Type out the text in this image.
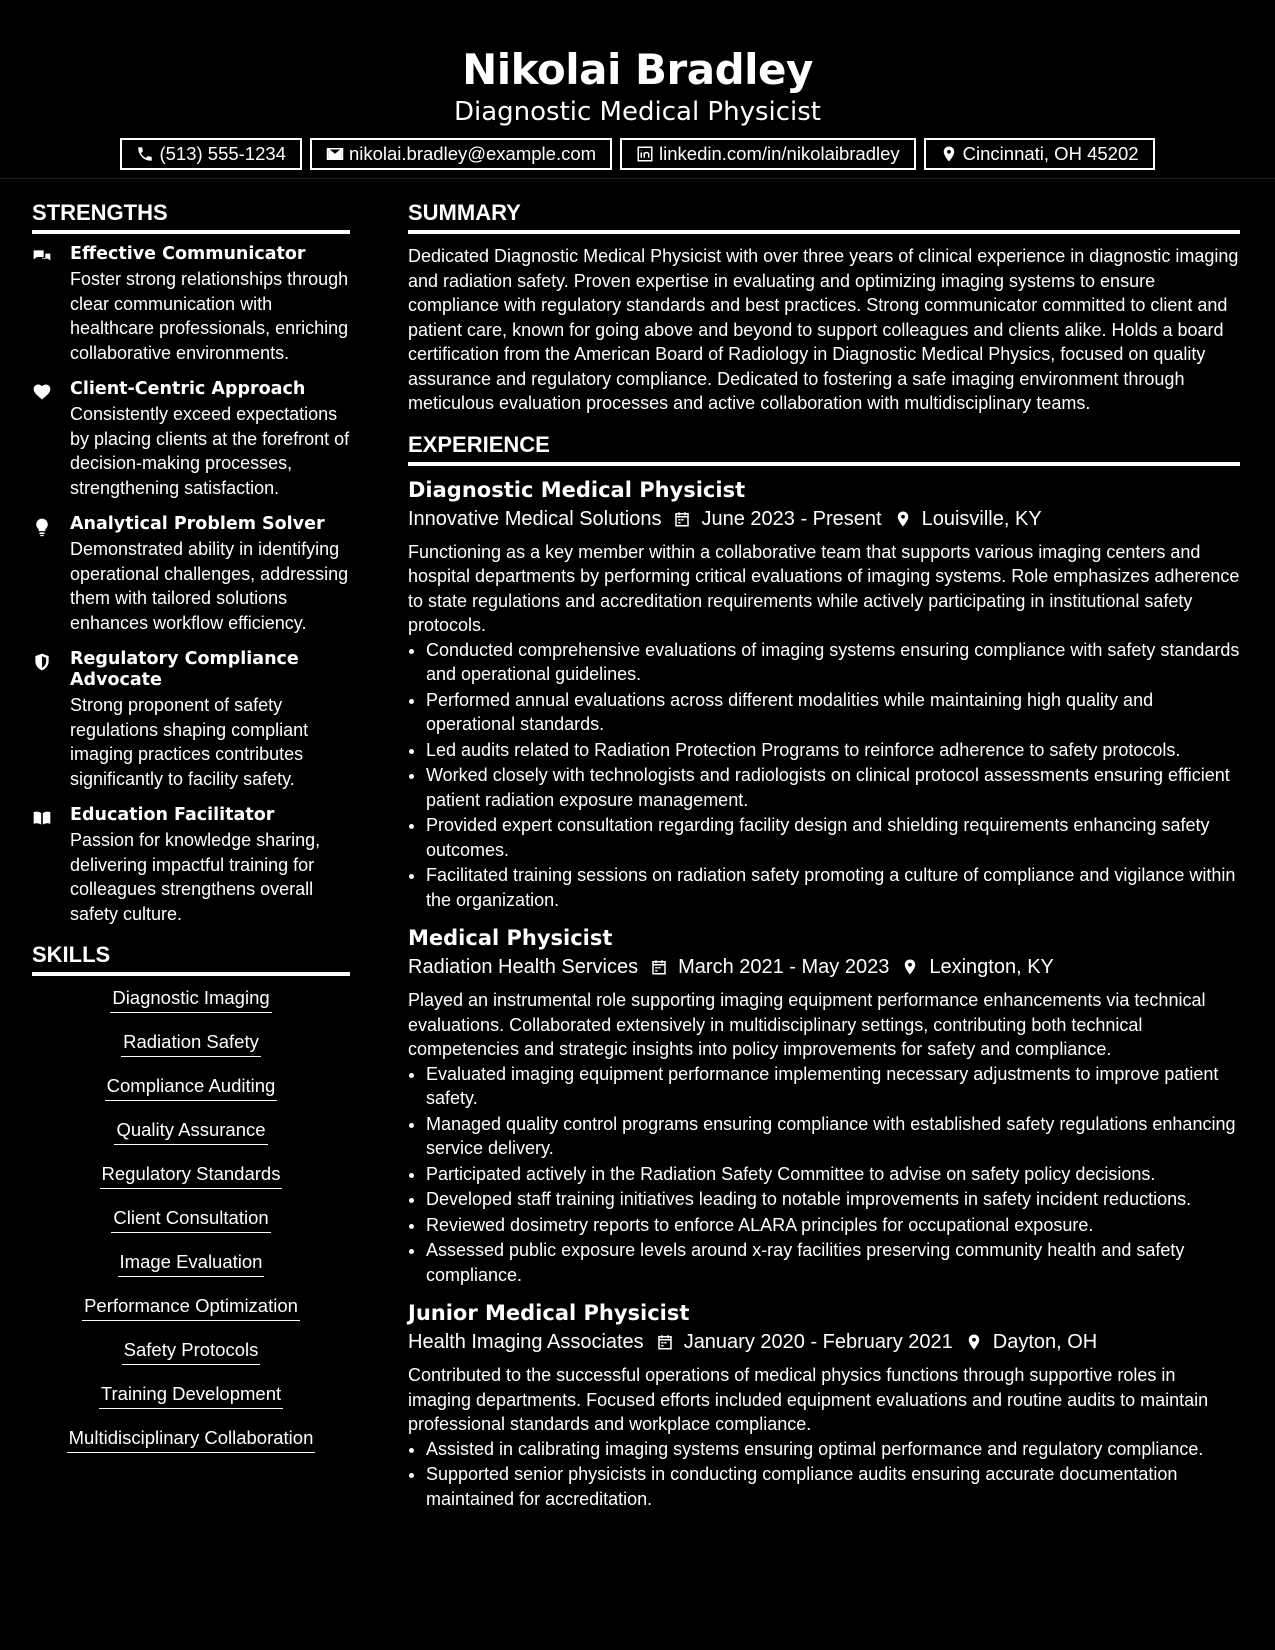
Nikolai Bradley
Diagnostic Medical Physicist
(513) 555-1234	nikolai.bradley@example.com	linkedin.com/in/nikolaibradley	Cincinnati, OH 45202
STRENGTHS
Effective Communicator
Foster strong relationships through clear communication with healthcare professionals, enriching collaborative environments.
Client-Centric Approach
Consistently exceed expectations by placing clients at the forefront of decision-making processes, strengthening satisfaction.
Analytical Problem Solver
Demonstrated ability in identifying operational challenges, addressing them with tailored solutions enhances workflow efficiency.
Regulatory Compliance Advocate
Strong proponent of safety regulations shaping compliant imaging practices contributes significantly to facility safety.
Education Facilitator
Passion for knowledge sharing, delivering impactful training for colleagues strengthens overall safety culture.
SKILLS
Diagnostic Imaging
Radiation Safety
Compliance Auditing
Quality Assurance
Regulatory Standards
Client Consultation
Image Evaluation
Performance Optimization
Safety Protocols
Training Development
Multidisciplinary Collaboration
SUMMARY
Dedicated Diagnostic Medical Physicist with over three years of clinical experience in diagnostic imaging and radiation safety. Proven expertise in evaluating and optimizing imaging systems to ensure compliance with regulatory standards and best practices. Strong communicator committed to client and patient care, known for going above and beyond to support colleagues and clients alike. Holds a board certification from the American Board of Radiology in Diagnostic Medical Physics, focused on quality assurance and regulatory compliance. Dedicated to fostering a safe imaging environment through meticulous evaluation processes and active collaboration with multidisciplinary teams.
EXPERIENCE
Diagnostic Medical Physicist
Innovative Medical Solutions June 2023 - Present Louisville, KY
Functioning as a key member within a collaborative team that supports various imaging centers and hospital departments by performing critical evaluations of imaging systems. Role emphasizes adherence to state regulations and accreditation requirements while actively participating in institutional safety protocols.
• Conducted comprehensive evaluations of imaging systems ensuring compliance with safety standards and operational guidelines.
• Performed annual evaluations across different modalities while maintaining high quality and operational standards.
• Led audits related to Radiation Protection Programs to reinforce adherence to safety protocols.
• Worked closely with technologists and radiologists on clinical protocol assessments ensuring efficient patient radiation exposure management.
• Provided expert consultation regarding facility design and shielding requirements enhancing safety outcomes.
• Facilitated training sessions on radiation safety promoting a culture of compliance and vigilance within the organization.
Medical Physicist
Radiation Health Services March 2021 - May 2023 Lexington, KY
Played an instrumental role supporting imaging equipment performance enhancements via technical evaluations. Collaborated extensively in multidisciplinary settings, contributing both technical competencies and strategic insights into policy improvements for safety and compliance.
• Evaluated imaging equipment performance implementing necessary adjustments to improve patient safety.
• Managed quality control programs ensuring compliance with established safety regulations enhancing service delivery.
• Participated actively in the Radiation Safety Committee to advise on safety policy decisions.
• Developed staff training initiatives leading to notable improvements in safety incident reductions.
• Reviewed dosimetry reports to enforce ALARA principles for occupational exposure.
• Assessed public exposure levels around x-ray facilities preserving community health and safety compliance.
Junior Medical Physicist
Health Imaging Associates January 2020 - February 2021 Dayton, OH
Contributed to the successful operations of medical physics functions through supportive roles in imaging departments. Focused efforts included equipment evaluations and routine audits to maintain professional standards and workplace compliance.
• Assisted in calibrating imaging systems ensuring optimal performance and regulatory compliance.
• Supported senior physicists in conducting compliance audits ensuring accurate documentation maintained for accreditation.
